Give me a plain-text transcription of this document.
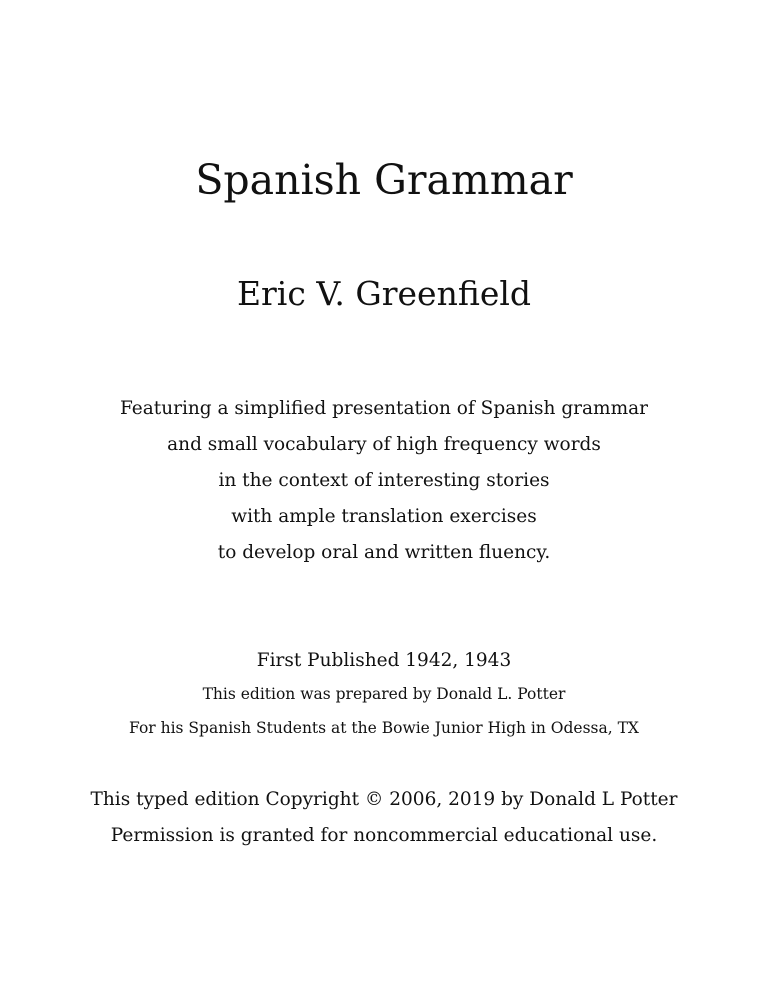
Spanish Grammar
Eric V. Greenfield
Featuring a simplified presentation of Spanish grammar
and small vocabulary of high frequency words
in the context of interesting stories
with ample translation exercises
to develop oral and written fluency.
First Published 1942, 1943
This edition was prepared by Donald L. Potter
For his Spanish Students at the Bowie Junior High in Odessa, TX
This typed edition Copyright © 2006, 2019 by Donald L Potter
Permission is granted for noncommercial educational use.
